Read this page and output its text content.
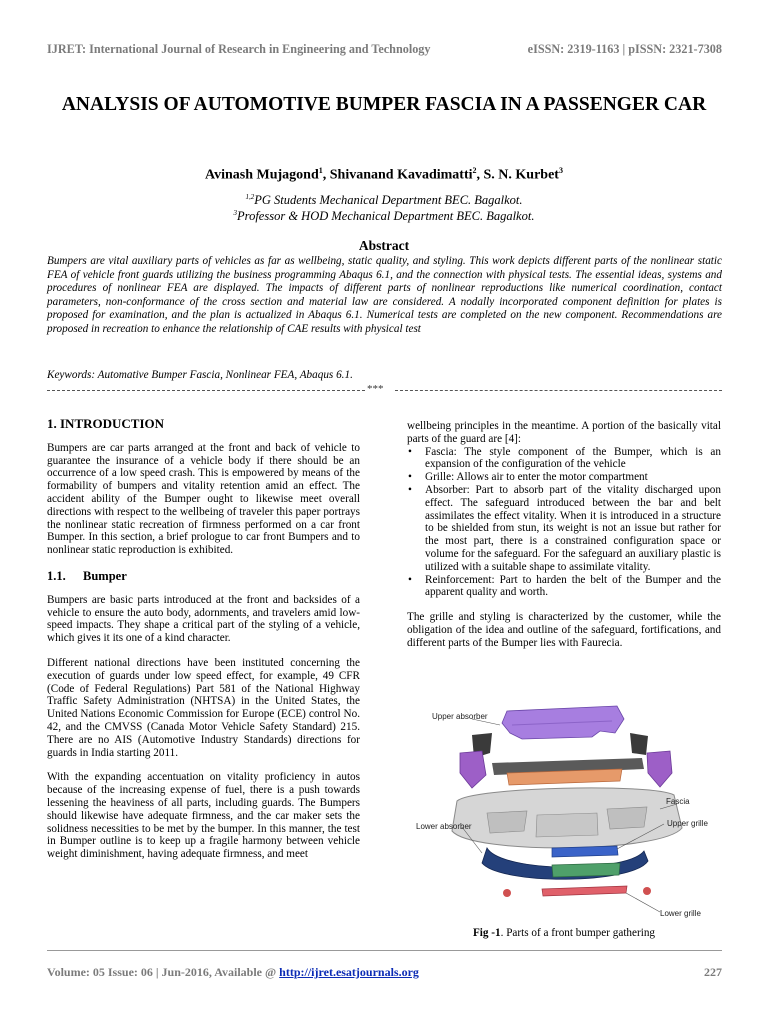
IJRET: International Journal of Research in Engineering and Technology	eISSN: 2319-1163 | pISSN: 2321-7308
ANALYSIS OF AUTOMOTIVE BUMPER FASCIA IN A PASSENGER CAR
Avinash Mujagond$^1$, Shivanand Kavadimatti$^2$, S. N. Kurbet$^3$
$^{1,2}$PG Students Mechanical Department BEC. Bagalkot.
$^3$Professor & HOD Mechanical Department BEC. Bagalkot.
Abstract
Bumpers are vital auxiliary parts of vehicles as far as wellbeing, static quality, and styling. This work depicts different parts of the nonlinear static FEA of vehicle front guards utilizing the business programming Abaqus 6.1, and the connection with physical tests. The essential ideas, systems and procedures of nonlinear FEA are displayed. The impacts of different parts of nonlinear reproductions like numerical coordination, contact parameters, non-conformance of the cross section and material law are considered. A nodally incorporated component definition for plates is proposed for examination, and the plan is actualized in Abaqus 6.1. Numerical tests are completed on the new component. Recommendations are proposed in recreation to enhance the relationship of CAE results with physical test
Keywords: Automative Bumper Fascia, Nonlinear FEA, Abaqus 6.1.
***
1. INTRODUCTION
Bumpers are car parts arranged at the front and back of vehicle to guarantee the insurance of a vehicle body if there should be an occurrence of a low speed crash. This is empowered by means of the formability of bumpers and vitality retention amid an effect. The accident ability of the Bumper ought to likewise meet overall directions with respect to the wellbeing of traveler this paper portrays the nonlinear static recreation of firmness performed on a car front Bumper. In this section, a brief prologue to car front Bumpers and to nonlinear static reproduction is exhibited.
1.1. Bumper
Bumpers are basic parts introduced at the front and backsides of a vehicle to ensure the auto body, adornments, and travelers amid low-speed impacts. They shape a critical part of the styling of a vehicle, which gives it its one of a kind character.
Different national directions have been instituted concerning the execution of guards under low speed effect, for example, 49 CFR (Code of Federal Regulations) Part 581 of the National Highway Traffic Safety Administration (NHTSA) in the United States, the United Nations Economic Commission for Europe (ECE) control No. 42, and the CMVSS (Canada Motor Vehicle Safety Standard) 215. There are no AIS (Automotive Industry Standards) directions for guards in India starting 2011.
With the expanding accentuation on vitality proficiency in autos because of the increasing expense of fuel, there is a push towards lessening the heaviness of all parts, including guards. The Bumpers should likewise have adequate firmness, and the car maker sets the solidness necessities to be met by the bumper. In this manner, the test in Bumper outline is to keep up a fragile harmony between vehicle weight diminishment, having adequate firmness, and meet
wellbeing principles in the meantime. A portion of the basically vital parts of the guard are [4]:
• Fascia: The style component of the Bumper, which is an expansion of the configuration of the vehicle
• Grille: Allows air to enter the motor compartment
• Absorber: Part to absorb part of the vitality discharged upon effect. The safeguard introduced between the bar and belt assimilates the effect vitality. When it is introduced in a structure to be shielded from stun, its weight is not an issue but rather for the most part, there is a constrained configuration space or volume for the safeguard. For the safeguard an auxiliary plastic is utilized with a suitable shape to assimilate vitality.
• Reinforcement: Part to harden the belt of the Bumper and the apparent quality and worth.
The grille and styling is characterized by the customer, while the obligation of the idea and outline of the safeguard, fortifications, and different parts of the Bumper lies with Faurecia.
Upper absorber
Fascia
Lower absorber	Upper grille
Lower grille
Fig -1. Parts of a front bumper gathering
Volume: 05 Issue: 06 | Jun-2016, Available @ http://ijret.esatjournals.org	227
